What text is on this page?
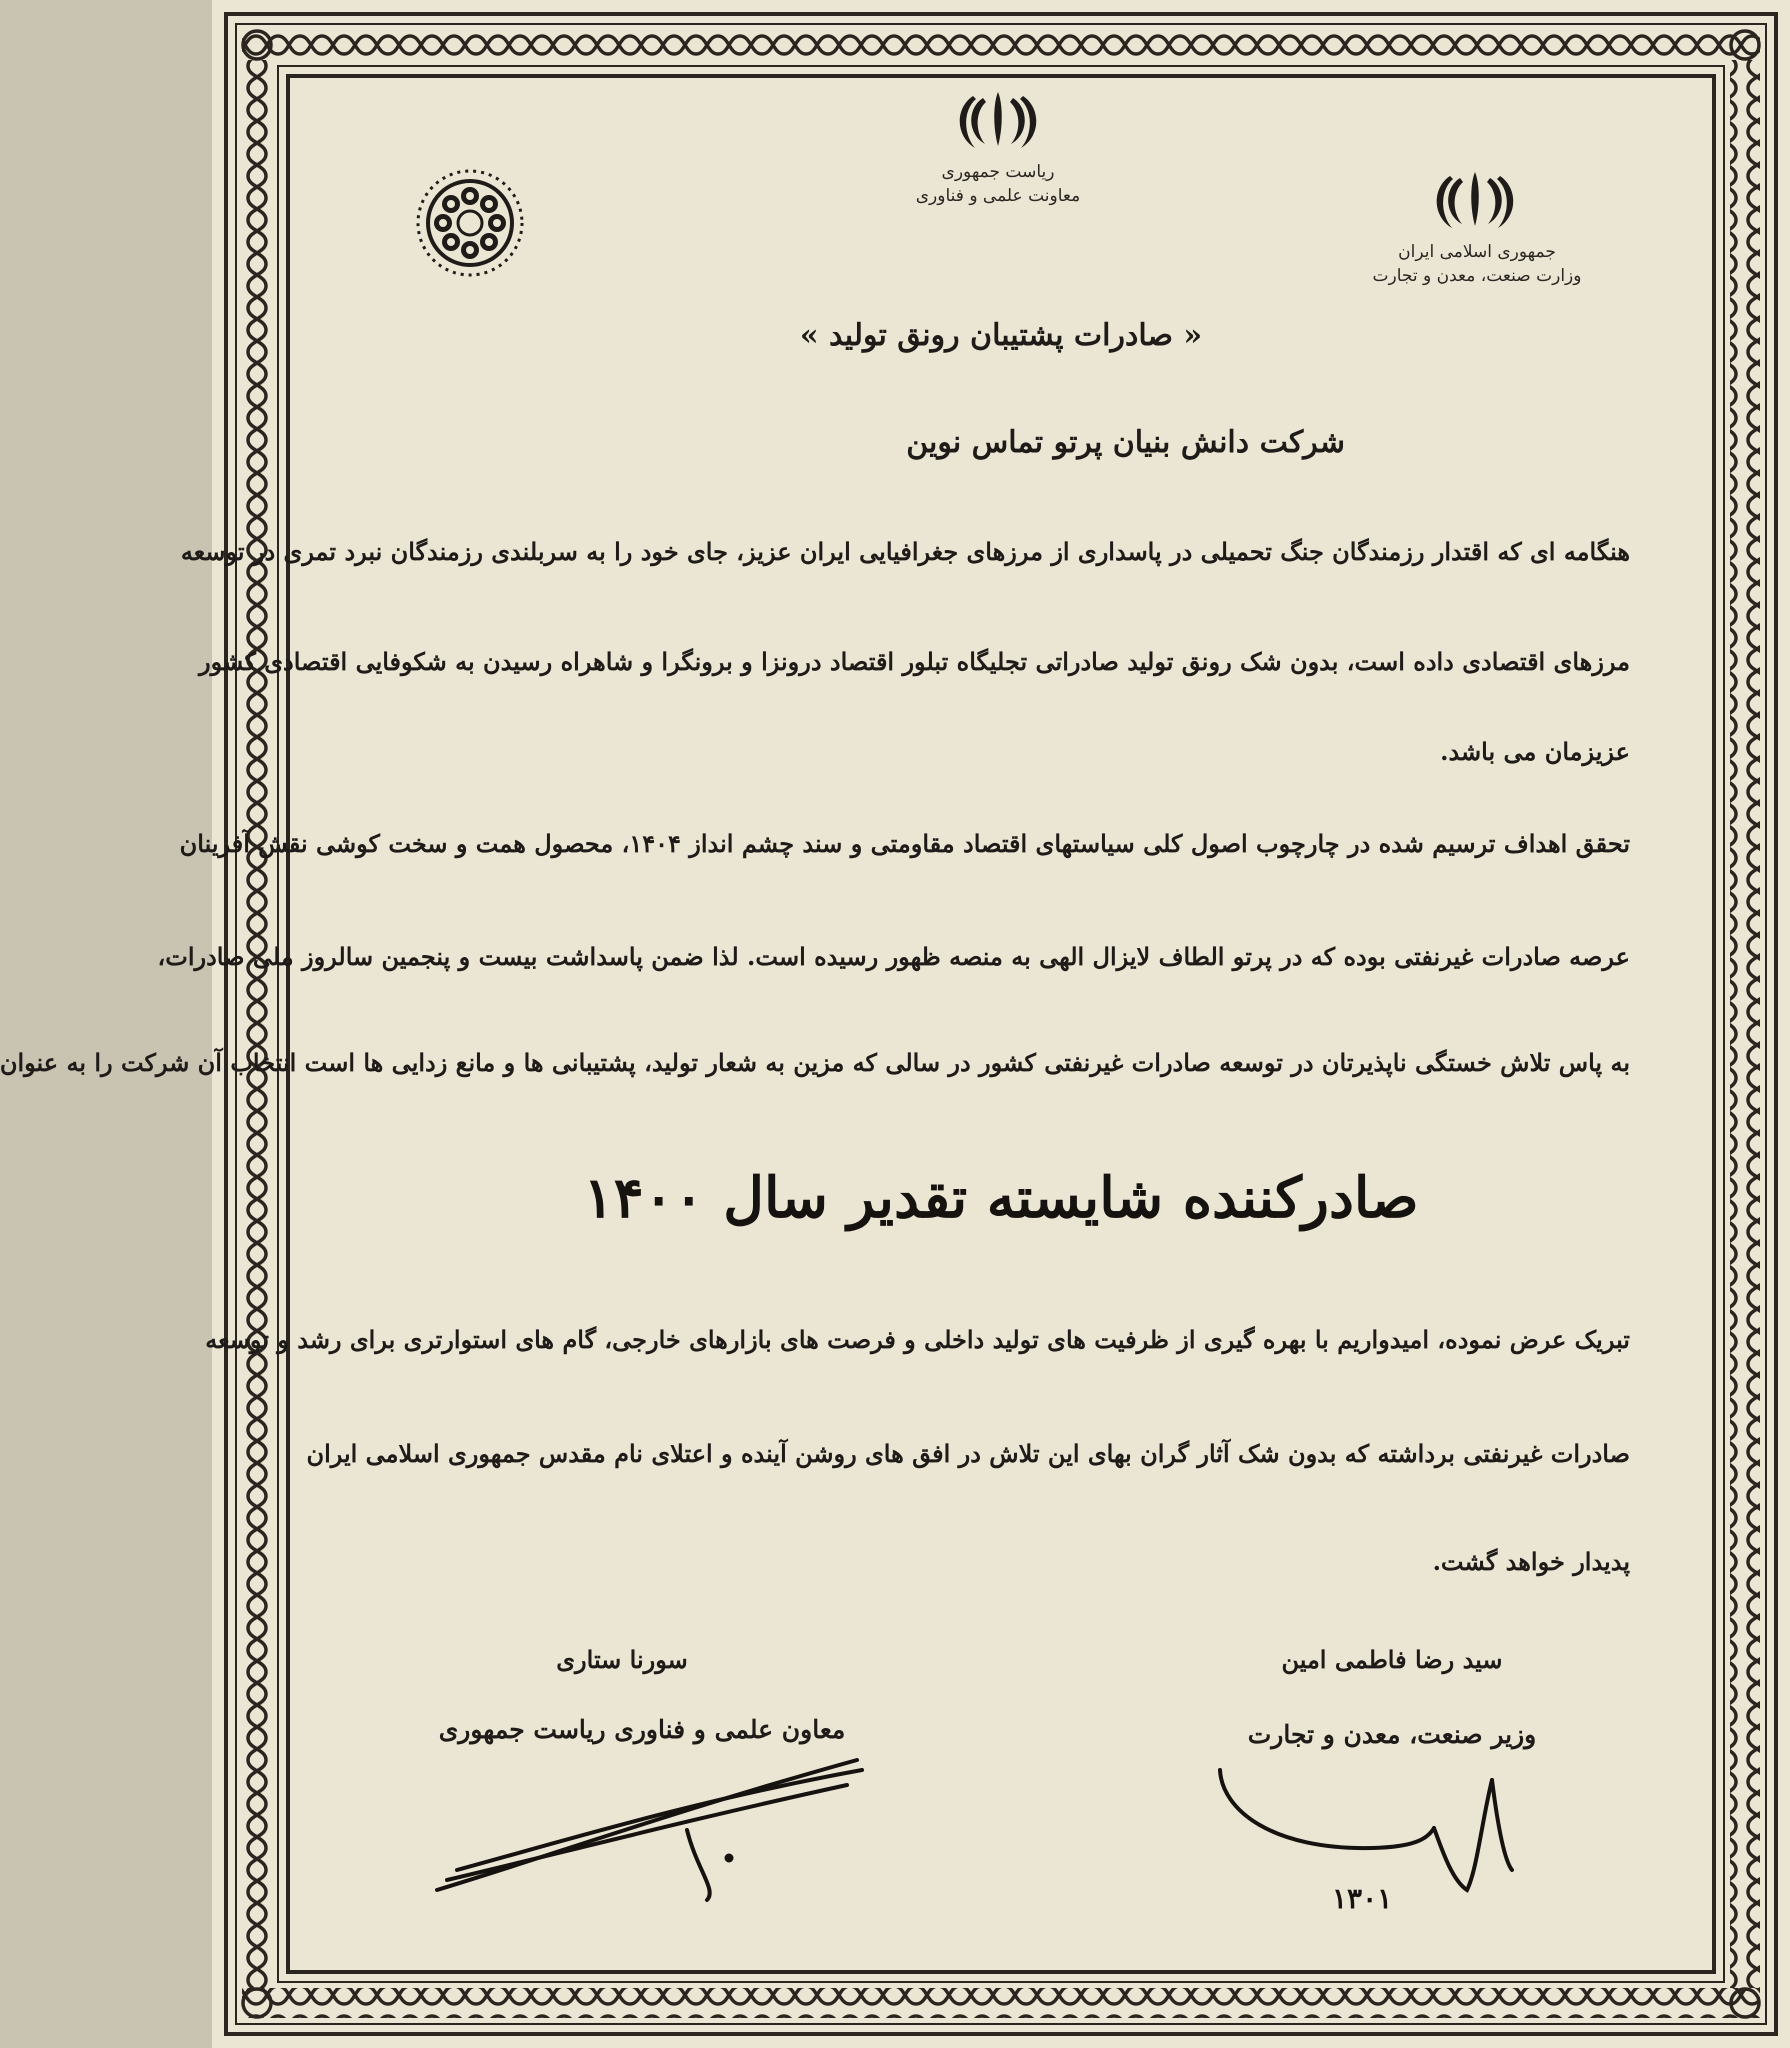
ریاست جمهوری
معاونت علمی و فناوری
جمهوری اسلامی ایران
وزارت صنعت، معدن و تجارت
« صادرات پشتیبان رونق تولید »
شرکت دانش بنیان پرتو تماس نوین
هنگامه ای که اقتدار رزمندگان جنگ تحمیلی در پاسداری از مرزهای جغرافیایی ایران عزیز، جای خود را به سربلندی رزمندگان نبرد تمری در توسعه
مرزهای اقتصادی داده است، بدون شک رونق تولید صادراتی تجلیگاه تبلور اقتصاد درونزا و برونگرا و شاهراه رسیدن به شکوفایی اقتصادی کشور
عزیزمان می باشد.
تحقق اهداف ترسیم شده در چارچوب اصول کلی سیاستهای اقتصاد مقاومتی و سند چشم انداز ۱۴۰۴، محصول همت و سخت کوشی نقش آفرینان
عرصه صادرات غیرنفتی بوده که در پرتو الطاف لایزال الهی به منصه ظهور رسیده است. لذا ضمن پاسداشت بیست و پنجمین سالروز ملی صادرات،
به پاس تلاش خستگی ناپذیرتان در توسعه صادرات غیرنفتی کشور در سالی که مزین به شعار تولید، پشتیبانی ها و مانع زدایی ها است انتخاب آن شرکت را به عنوان
صادرکننده شایسته تقدیر سال ۱۴۰۰
تبریک عرض نموده، امیدواریم با بهره گیری از ظرفیت های تولید داخلی و فرصت های بازارهای خارجی، گام های استوارتری برای رشد و توسعه
صادرات غیرنفتی برداشته که بدون شک آثار گران بهای این تلاش در افق های روشن آینده و اعتلای نام مقدس جمهوری اسلامی ایران
پدیدار خواهد گشت.
سورنا ستاری
معاون علمی و فناوری ریاست جمهوری
سید رضا فاطمی امین
وزیر صنعت، معدن و تجارت
۱۳۰۱
